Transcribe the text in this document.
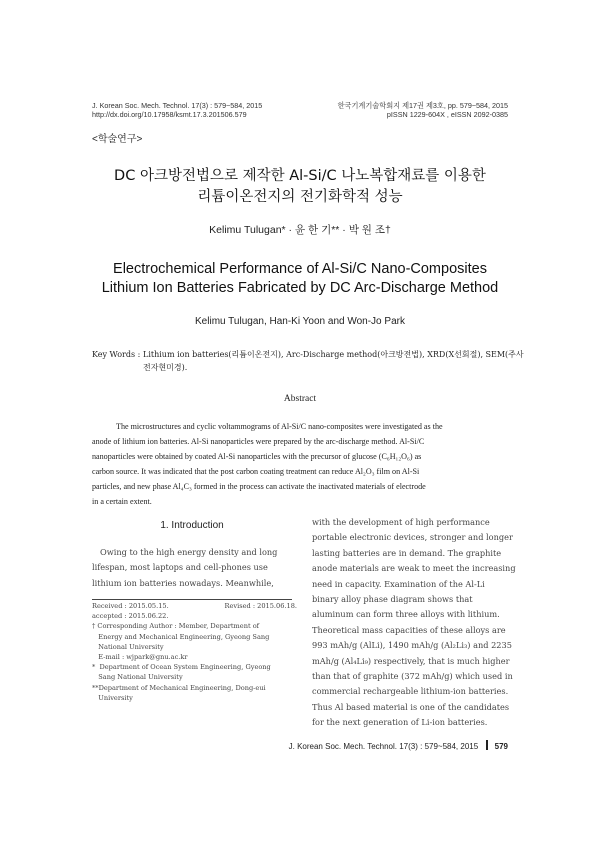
J. Korean Soc. Mech. Technol. 17(3) : 579~584, 2015
http://dx.doi.org/10.17958/ksmt.17.3.201506.579
한국기계기술학회지 제17권 제3호, pp. 579~584, 2015
pISSN 1229-604X , eISSN 2092-0385
<학술연구>
DC 아크방전법으로 제작한 Al-Si/C 나노복합재료를 이용한
리튬이온전지의 전기화학적 성능
Kelimu Tulugan* · 윤 한 기** · 박 원 조†
Electrochemical Performance of Al-Si/C Nano-Composites
Lithium Ion Batteries Fabricated by DC Arc-Discharge Method
Kelimu Tulugan, Han-Ki Yoon and Won-Jo Park
Key Words : Lithium ion batteries(리튬이온전지), Arc-Discharge method(아크방전법), XRD(X선회절), SEM(주사
전자현미경).
Abstract
The microstructures and cyclic voltammograms of Al-Si/C nano-composites were investigated as the
anode of lithium ion batteries. Al-Si nanoparticles were prepared by the arc-discharge method. Al-Si/C
nanoparticles were obtained by coated Al-Si nanoparticles with the precursor of glucose (C₆H₁₂O₆) as
carbon source. It was indicated that the post carbon coating treatment can reduce Al₂O₃ film on Al-Si
particles, and new phase Al₄C₃ formed in the process can activate the inactivated materials of electrode
in a certain extent.
1. Introduction
Owing to the high energy density and long
lifespan, most laptops and cell-phones use
lithium ion batteries nowadays. Meanwhile,
Received : 2015.05.15.	Revised : 2015.06.18.
accepted : 2015.06.22.
† Corresponding Author : Member, Department of
Energy and Mechanical Engineering, Gyeong Sang
National University
E-mail : wjpark@gnu.ac.kr
*  Department of Ocean System Engineering, Gyeong
Sang National University
**Department of Mechanical Engineering, Dong-eui
University
with the development of high performance
portable electronic devices, stronger and longer
lasting batteries are in demand. The graphite
anode materials are weak to meet the increasing
need in capacity. Examination of the Al-Li
binary alloy phase diagram shows that
aluminum can form three alloys with lithium.
Theoretical mass capacities of these alloys are
993 mAh/g (AlLi), 1490 mAh/g (Al₂Li₃) and 2235
mAh/g (Al₄Li₉) respectively, that is much higher
than that of graphite (372 mAh/g) which used in
commercial rechargeable lithium-ion batteries.
Thus Al based material is one of the candidates
for the next generation of Li-ion batteries.
J. Korean Soc. Mech. Technol. 17(3) : 579~584, 2015 579
